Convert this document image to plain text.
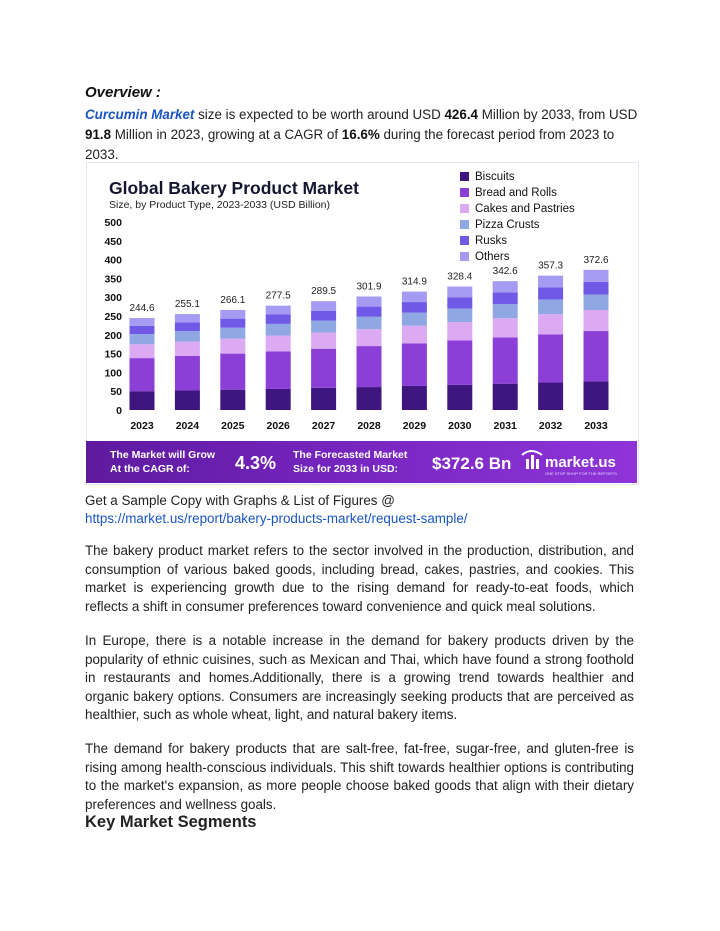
Overview :
Curcumin Market size is expected to be worth around USD 426.4 Million by 2033, from USD 91.8 Million in 2023, growing at a CAGR of 16.6% during the forecast period from 2023 to 2033.
Global Bakery Product Market
Size, by Product Type, 2023-2033 (USD Billion)
500
450
400
350
300
250
200
150
100
50
0
244.6 255.1 266.1 277.5 289.5 301.9 314.9 328.4 342.6
357.3
372.6
2023 2024 2025 2026 2027 2028 2029 2030 2031 2032 2033
Biscuits
Bread and Rolls
Cakes and Pastries
Pizza Crusts
Rusks
Others
The Market will Grow
At the CAGR of:	4.3% The Forecasted Market
Size for 2033 in USD: $372.6 Bn market.us
ONE STOP SHOP FOR THE REPORTS
Get a Sample Copy with Graphs & List of Figures @
https://market.us/report/bakery-products-market/request-sample/

The bakery product market refers to the sector involved in the production, distribution, and consumption of various baked goods, including bread, cakes, pastries, and cookies. This market is experiencing growth due to the rising demand for ready-to-eat foods, which reflects a shift in consumer preferences toward convenience and quick meal solutions.

In Europe, there is a notable increase in the demand for bakery products driven by the popularity of ethnic cuisines, such as Mexican and Thai, which have found a strong foothold in restaurants and homes.Additionally, there is a growing trend towards healthier and organic bakery options. Consumers are increasingly seeking products that are perceived as healthier, such as whole wheat, light, and natural bakery items.

The demand for bakery products that are salt-free, fat-free, sugar-free, and gluten-free is rising among health-conscious individuals. This shift towards healthier options is contributing to the market's expansion, as more people choose baked goods that align with their dietary preferences and wellness goals.

Key Market Segments
